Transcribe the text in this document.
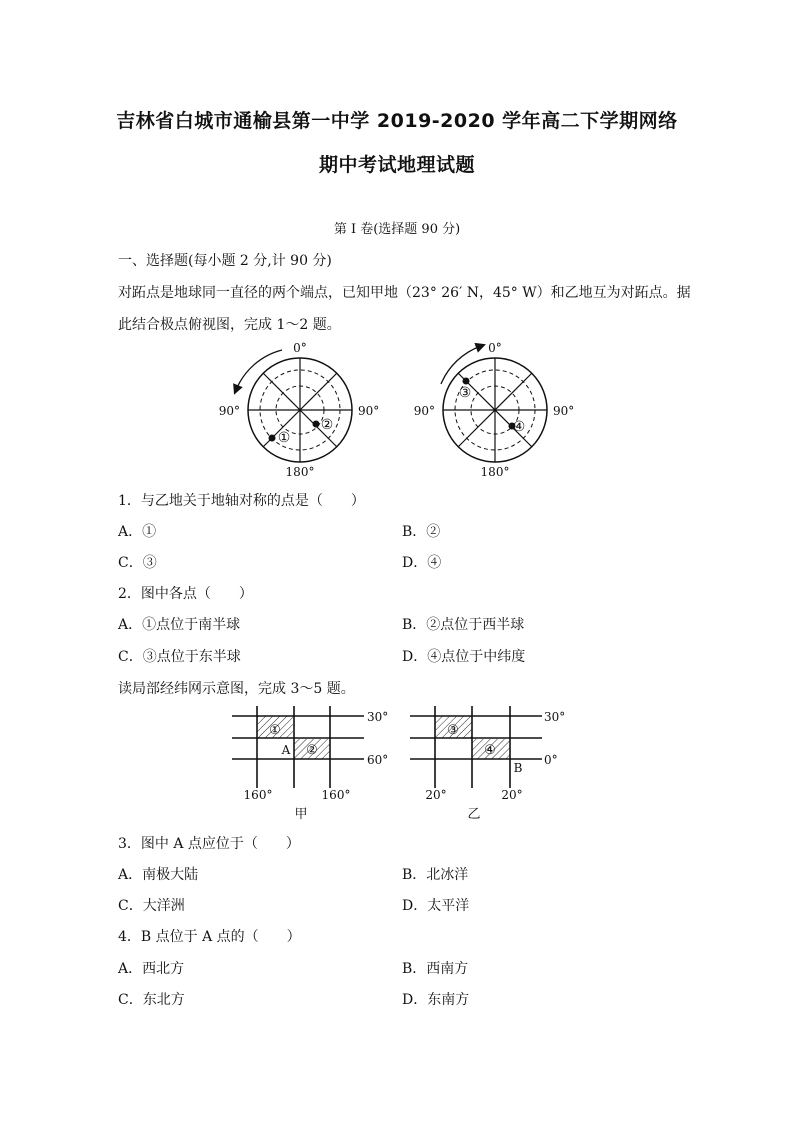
吉林省白城市通榆县第一中学 2019-2020 学年高二下学期网络
期中考试地理试题
第 I 卷(选择题 90 分)
一、选择题(每小题 2 分,计 90 分)
对跖点是地球同一直径的两个端点，已知甲地（23° 26′ N，45° W）和乙地互为对跖点。据
此结合极点俯视图，完成 1～2 题。
0°
90°	90°
180°
①
②
0°
90°	90°
180°
③
④
1．与乙地关于地轴对称的点是（　　）
A．①	B．②
C．③	D．④
2．图中各点（　　）
A．①点位于南半球	B．②点位于西半球
C．③点位于东半球	D．④点位于中纬度
读局部经纬网示意图，完成 3～5 题。
①
②
A
30°
60°
160°	160°
甲
③
④
B
30°
0°
20°	20°
乙
3．图中 A 点应位于（　　）
A．南极大陆	B．北冰洋
C．大洋洲	D．太平洋
4．B 点位于 A 点的（　　）
A．西北方	B．西南方
C．东北方	D．东南方
